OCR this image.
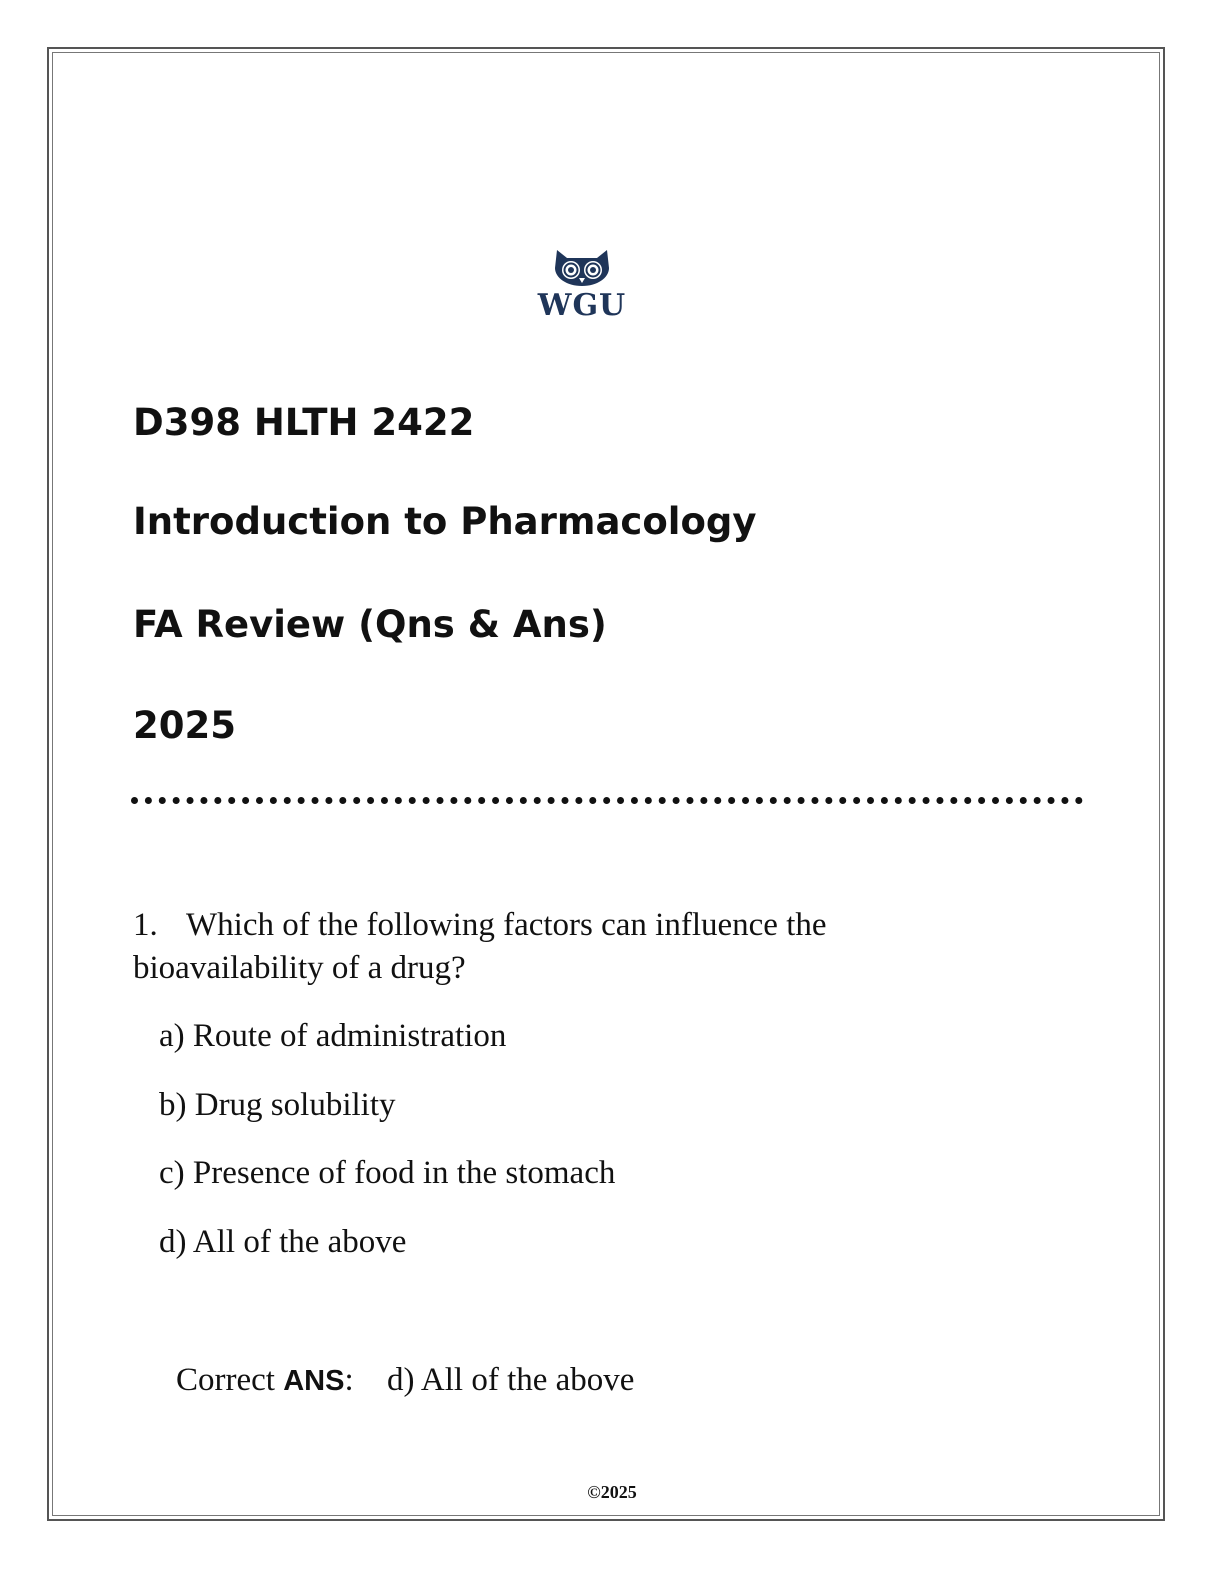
WGU
D398 HLTH 2422
Introduction to Pharmacology
FA Review (Qns & Ans)
2025
1. Which of the following factors can influence the
bioavailability of a drug?
a) Route of administration
b) Drug solubility
c) Presence of food in the stomach
d) All of the above
Correct ANS: d) All of the above
©2025
